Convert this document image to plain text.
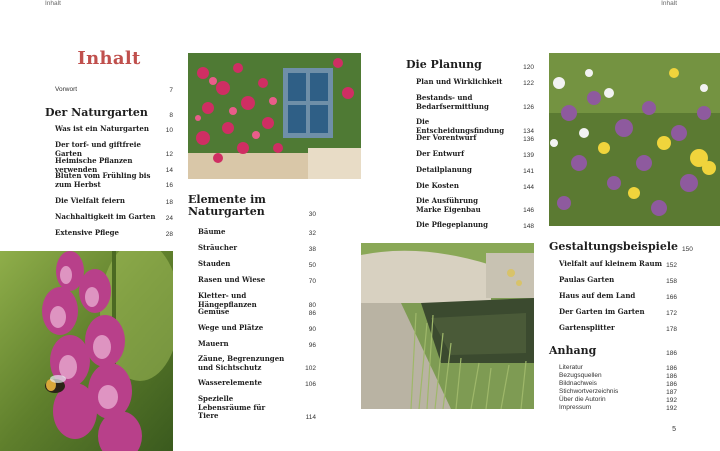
Inhalt	Inhalt
Inhalt
Vorwort	7
Der Naturgarten	8
Was ist ein Naturgarten	10
Der torf- und giftfreie Garten	12
Heimische Pflanzen verwenden	14
Blüten vom Frühling bis zum Herbst	16
Die Vielfalt feiern	18
Nachhaltigkeit im Garten	24
Extensive Pflege	28
Elemente im Naturgarten	30
Bäume	32
Sträucher	38
Stauden	50
Rasen und Wiese	70
Kletter- und Hängepflanzen	80
Gemüse	86
Wege und Plätze	90
Mauern	96
Zäune, Begrenzungen und Sichtschutz	102
Wasserelemente	106
Spezielle Lebensräume für Tiere	114
Die Planung	120
Plan und Wirklichkeit	122
Bestands- und Bedarfsermittlung	126
Die Entscheidungsfindung	134
Der Vorentwurf	136
Der Entwurf	139
Detailplanung	141
Die Kosten	144
Die Ausführung Marke Eigenbau	146
Die Pflegeplanung	148
Gestaltungsbeispiele 150
Vielfalt auf kleinem Raum 152
Paulas Garten	158
Haus auf dem Land	166
Der Garten im Garten	172
Gartensplitter	178
Anhang	186
Literatur	186
Bezugsquellen	186
Bildnachweis	186
Stichwortverzeichnis	187
Über die Autorin	192
Impressum	192
5
